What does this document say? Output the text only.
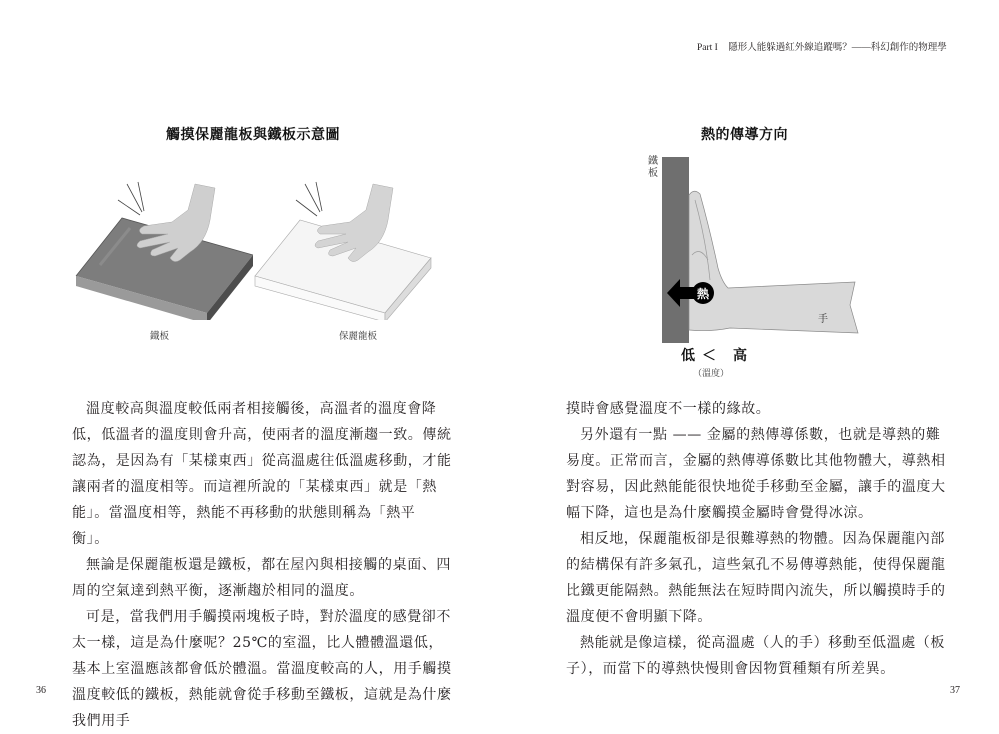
Part I 隱形人能躲過紅外線追蹤嗎？——科幻創作的物理學
觸摸保麗龍板與鐵板示意圖
鐵板	保麗龍板

溫度較高與溫度較低兩者相接觸後，高溫者的溫度會降低，低溫者的溫度則會升高，使兩者的溫度漸趨一致。傳統認為，是因為有「某樣東西」從高溫處往低溫處移動，才能讓兩者的溫度相等。而這裡所說的「某樣東西」就是「熱能」。當溫度相等，熱能不再移動的狀態則稱為「熱平衡」。

無論是保麗龍板還是鐵板，都在屋內與相接觸的桌面、四周的空氣達到熱平衡，逐漸趨於相同的溫度。

可是，當我們用手觸摸兩塊板子時，對於溫度的感覺卻不太一樣，這是為什麼呢？25℃的室溫，比人體體溫還低，基本上室溫應該都會低於體溫。當溫度較高的人，用手觸摸溫度較低的鐵板，熱能就會從手移動至鐵板，這就是為什麼我們用手

36
熱的傳導方向
鐵板
熱
手
低 ＜ 高
（溫度）

摸時會感覺溫度不一樣的緣故。

另外還有一點 —— 金屬的熱傳導係數，也就是導熱的難易度。正常而言，金屬的熱傳導係數比其他物體大，導熱相對容易，因此熱能能很快地從手移動至金屬，讓手的溫度大幅下降，這也是為什麼觸摸金屬時會覺得冰涼。

相反地，保麗龍板卻是很難導熱的物體。因為保麗龍內部的結構保有許多氣孔，這些氣孔不易傳導熱能，使得保麗龍比鐵更能隔熱。熱能無法在短時間內流失，所以觸摸時手的溫度便不會明顯下降。

熱能就是像這樣，從高溫處（人的手）移動至低溫處（板子），而當下的導熱快慢則會因物質種類有所差異。

37
